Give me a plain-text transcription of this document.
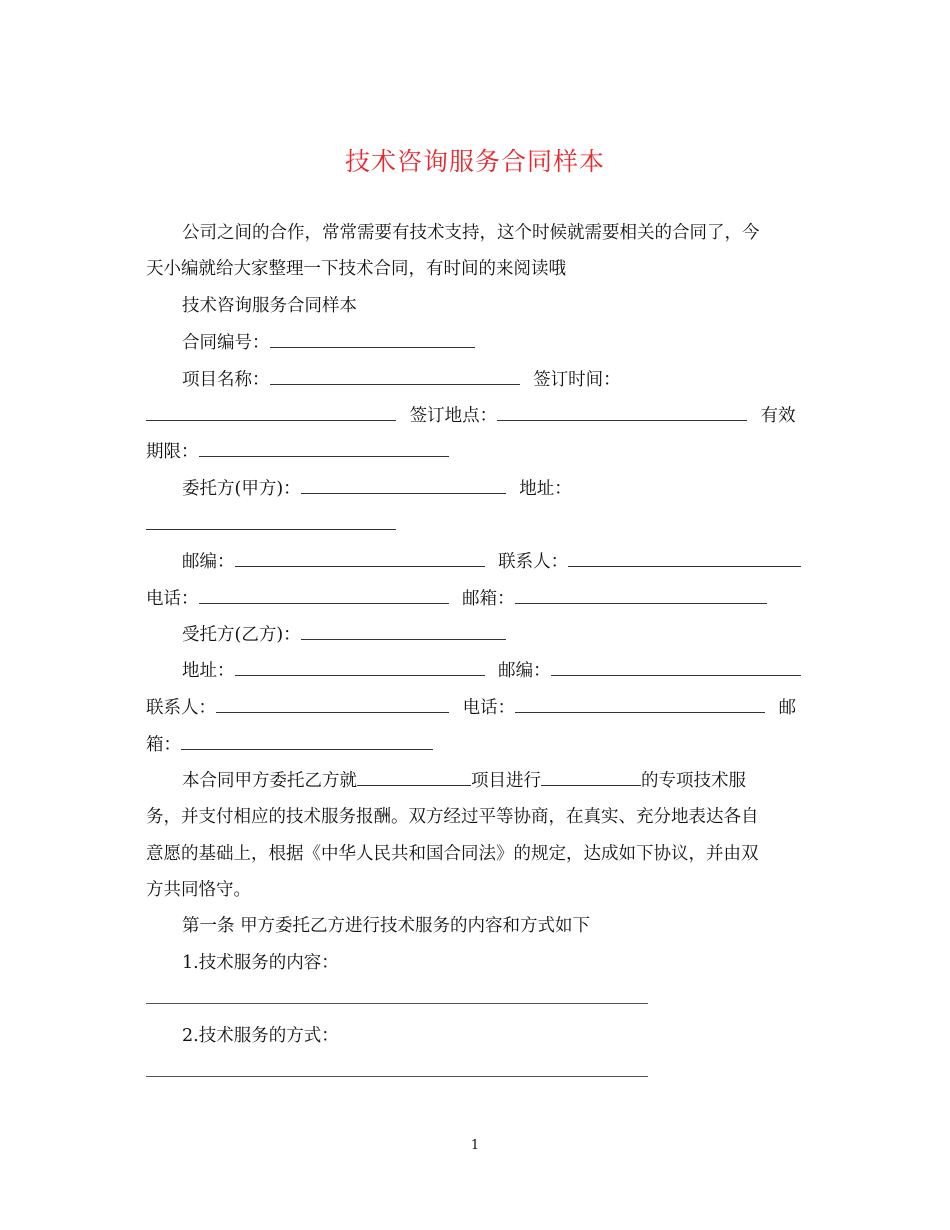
技术咨询服务合同样本
公司之间的合作，常常需要有技术支持，这个时候就需要相关的合同了，今
天小编就给大家整理一下技术合同，有时间的来阅读哦
技术咨询服务合同样本
合同编号：
项目名称：	签订时间：
签订地点：	有效
期限：
委托方(甲方)：	地址：
邮编：	联系人：
电话：	邮箱：
受托方(乙方)：
地址：	邮编：
联系人：	电话：	邮
箱：
本合同甲方委托乙方就	项目进行	的专项技术服
务，并支付相应的技术服务报酬。双方经过平等协商，在真实、充分地表达各自
意愿的基础上，根据《中华人民共和国合同法》的规定，达成如下协议，并由双
方共同恪守。
第一条 甲方委托乙方进行技术服务的内容和方式如下
1.技术服务的内容：
2.技术服务的方式：
1
